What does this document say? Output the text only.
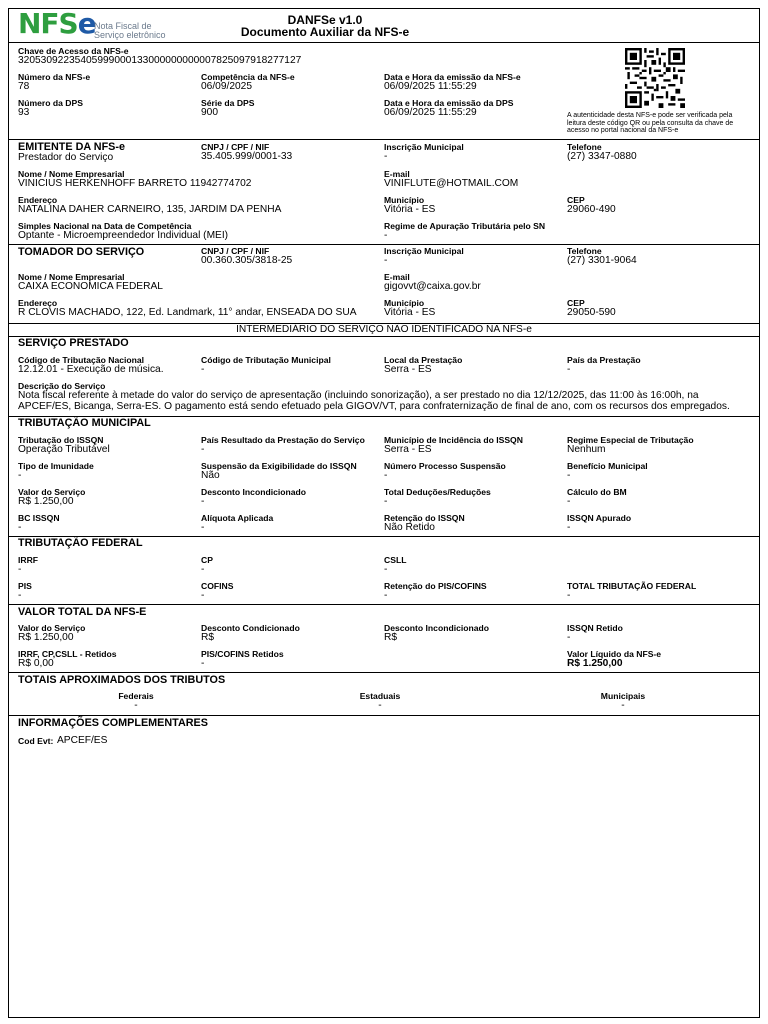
NFSe
Nota Fiscal de
Serviço eletrônico
DANFSe v1.0
Documento Auxiliar da NFS-e
A autenticidade desta NFS-e pode ser verificada pela leitura deste código QR ou pela consulta da chave de acesso no portal nacional da NFS-e
Chave de Acesso da NFS-e
32053092235405999000133000000000007825097918277127
Número da NFS-e
78
Competência da NFS-e
06/09/2025
Data e Hora da emissão da NFS-e
06/09/2025 11:55:29
Número da DPS
93
Série da DPS
900
Data e Hora da emissão da DPS
06/09/2025 11:55:29
EMITENTE DA NFS-e
Prestador do Serviço
CNPJ / CPF / NIF
35.405.999/0001-33
Inscrição Municipal
-
Telefone
(27) 3347-0880
Nome / Nome Empresarial
VINICIUS HERKENHOFF BARRETO 11942774702
E-mail
VINIFLUTE@HOTMAIL.COM
Endereço
NATALINA DAHER CARNEIRO, 135, JARDIM DA PENHA
Município
Vitória - ES
CEP
29060-490
Simples Nacional na Data de Competência
Optante - Microempreendedor Individual (MEI)
Regime de Apuração Tributária pelo SN
-
TOMADOR DO SERVIÇO	CNPJ / CPF / NIF
00.360.305/3818-25
Inscrição Municipal
-
Telefone
(27) 3301-9064
Nome / Nome Empresarial
CAIXA ECONOMICA FEDERAL
E-mail
gigovvt@caixa.gov.br
Endereço
R CLOVIS MACHADO, 122, Ed. Landmark, 11° andar, ENSEADA DO SUA
Município
Vitória - ES
CEP
29050-590
INTERMEDIÁRIO DO SERVIÇO NÃO IDENTIFICADO NA NFS-e
SERVIÇO PRESTADO
Código de Tributação Nacional
12.12.01 - Execução de música.
Código de Tributação Municipal
-
Local da Prestação
Serra - ES
País da Prestação
-
Descrição do Serviço
Nota fiscal referente à metade do valor do serviço de apresentação (incluindo sonorização), a ser prestado no dia 12/12/2025, das 11:00 às 16:00h, na
APCEF/ES, Bicanga, Serra-ES. O pagamento está sendo efetuado pela GIGOV/VT, para confraternização de final de ano, com os recursos dos empregados.
TRIBUTAÇÃO MUNICIPAL
Tributação do ISSQN
Operação Tributável
País Resultado da Prestação do Serviço
-
Município de Incidência do ISSQN
Serra - ES
Regime Especial de Tributação
Nenhum
Tipo de Imunidade
-
Suspensão da Exigibilidade do ISSQN
Não
Número Processo Suspensão
-
Benefício Municipal
-
Valor do Serviço
R$ 1.250,00
Desconto Incondicionado
-
Total Deduções/Reduções
-
Cálculo do BM
-
BC ISSQN
-
Alíquota Aplicada
-
Retenção do ISSQN
Não Retido
ISSQN Apurado
-
TRIBUTAÇÃO FEDERAL
IRRF
-
CP
-
CSLL
-
PIS
-
COFINS
-
Retenção do PIS/COFINS
-
TOTAL TRIBUTAÇÃO FEDERAL
-
VALOR TOTAL DA NFS-E
Valor do Serviço
R$ 1.250,00
Desconto Condicionado
R$
Desconto Incondicionado
R$
ISSQN Retido
-
IRRF, CP,CSLL - Retidos
R$ 0,00
PIS/COFINS Retidos
-
Valor Líquido da NFS-e
R$ 1.250,00
TOTAIS APROXIMADOS DOS TRIBUTOS
Federais
-
Estaduais
-
Municipais
-
INFORMAÇÕES COMPLEMENTARES
Cod Evt: APCEF/ES
